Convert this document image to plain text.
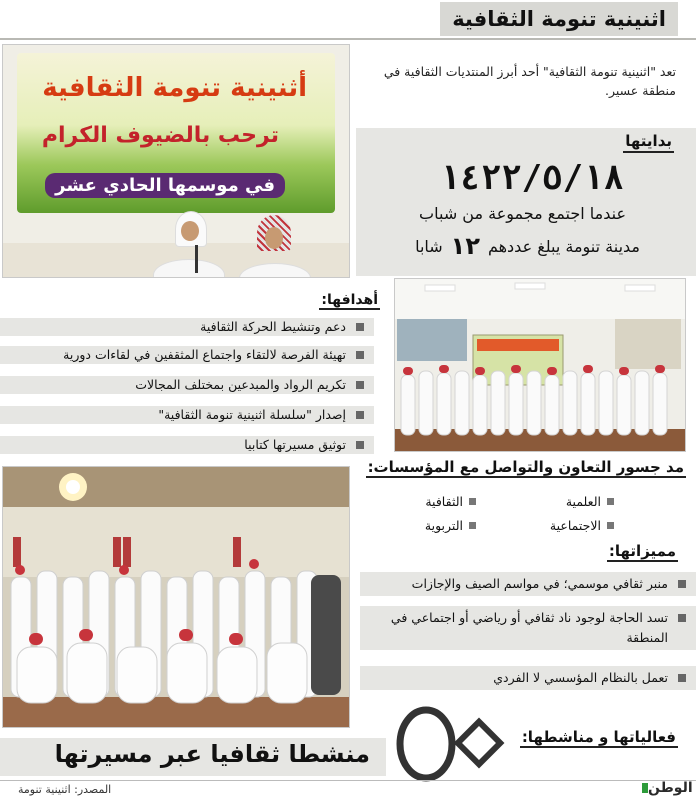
اثنينية تنومة الثقافية
أثنينية تنومة الثقافية
ترحب بالضيوف الكرام
في موسمها الحادي عشر
تعد "اثنينية تنومة الثقافية" أحد أبرز المنتديات الثقافية في منطقة عسير.
بدايتها
١٤٢٢/٥/١٨
عندما اجتمع مجموعة من شباب
مدينة تنومة يبلغ عددهم
١٢
شابا
أهدافها:
دعم وتنشيط الحركة الثقافية
تهيئة الفرصة لالتقاء واجتماع المثقفين في لقاءات دورية
تكريم الرواد والمبدعين بمختلف المجالات
إصدار "سلسلة اثنينية تنومة الثقافية"
توثيق مسيرتها كتابيا
مد جسور التعاون والتواصل مع المؤسسات:
العلمية
الثقافية
الاجتماعية
التربوية
مميزاتها:
منبر ثقافي موسمي؛ في مواسم الصيف والإجازات
تسد الحاجة لوجود ناد ثقافي أو رياضي أو اجتماعي في المنطقة
تعمل بالنظام المؤسسي لا الفردي
فعالياتها و مناشطها:
منشطا ثقافيا عبر مسيرتها
٥٠
المصدر: اثنينية تنومة	الوطن
